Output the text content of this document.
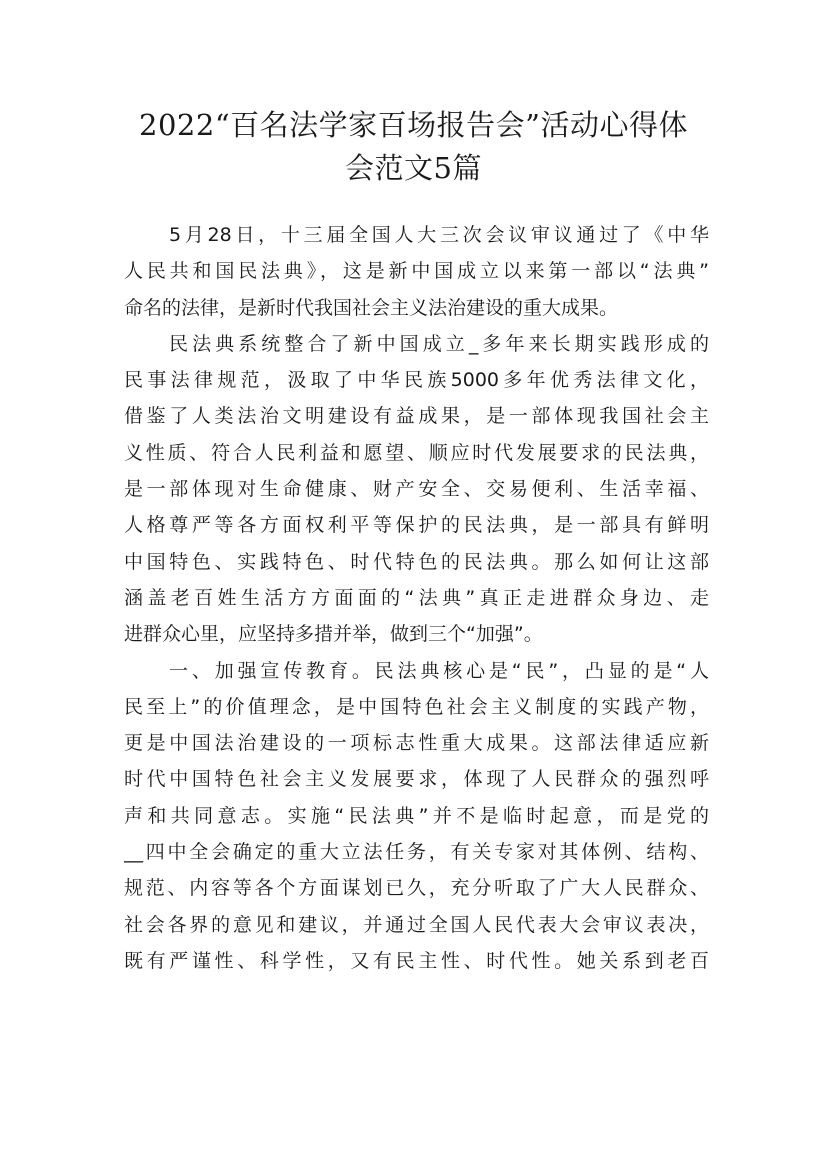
2022“百名法学家百场报告会”活动心得体
会范文5篇
5月28日，十三届全国人大三次会议审议通过了《中华
人民共和国民法典》，这是新中国成立以来第一部以“法典”
命名的法律，是新时代我国社会主义法治建设的重大成果。
民法典系统整合了新中国成立_多年来长期实践形成的
民事法律规范，汲取了中华民族5000多年优秀法律文化，
借鉴了人类法治文明建设有益成果，是一部体现我国社会主
义性质、符合人民利益和愿望、顺应时代发展要求的民法典，
是一部体现对生命健康、财产安全、交易便利、生活幸福、
人格尊严等各方面权利平等保护的民法典，是一部具有鲜明
中国特色、实践特色、时代特色的民法典。那么如何让这部
涵盖老百姓生活方方面面的“法典”真正走进群众身边、走
进群众心里，应坚持多措并举，做到三个“加强”。
一、加强宣传教育。民法典核心是“民”，凸显的是“人
民至上”的价值理念，是中国特色社会主义制度的实践产物，
更是中国法治建设的一项标志性重大成果。这部法律适应新
时代中国特色社会主义发展要求，体现了人民群众的强烈呼
声和共同意志。实施“民法典”并不是临时起意，而是党的
__四中全会确定的重大立法任务，有关专家对其体例、结构、
规范、内容等各个方面谋划已久，充分听取了广大人民群众、
社会各界的意见和建议，并通过全国人民代表大会审议表决，
既有严谨性、科学性，又有民主性、时代性。她关系到老百
